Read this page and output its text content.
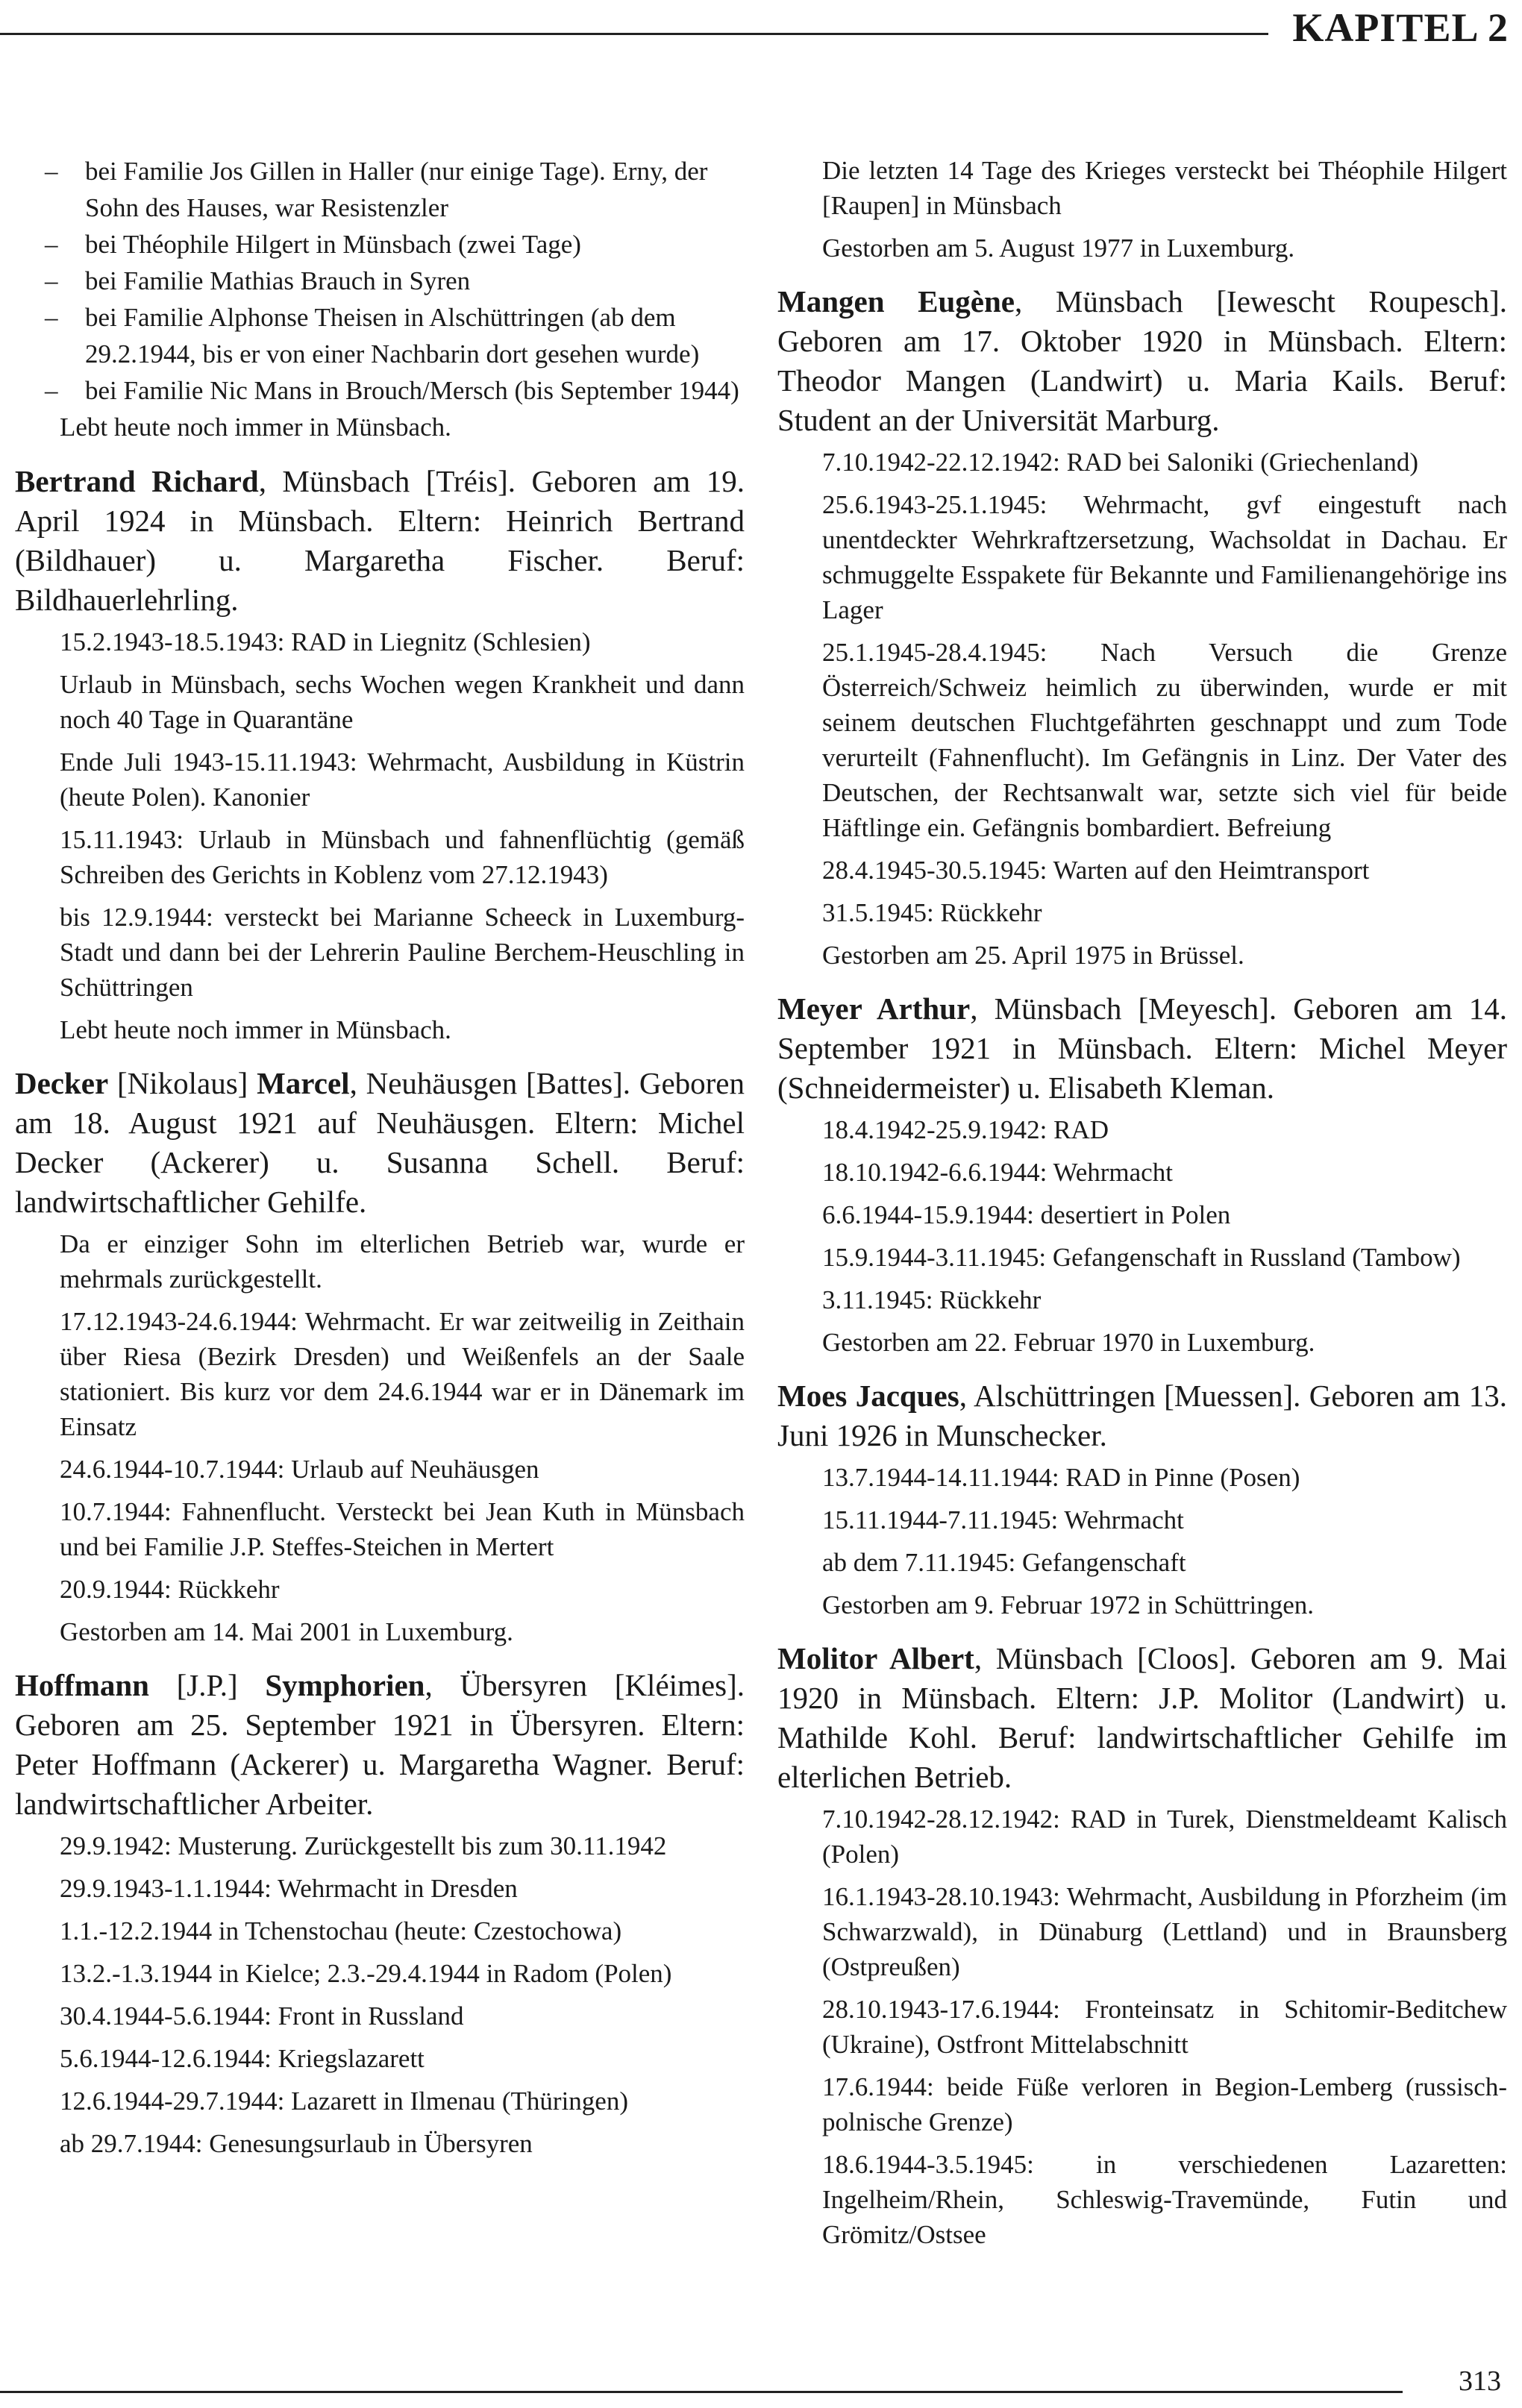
KAPITEL 2
– bei Familie Jos Gillen in Haller (nur einige Tage). Erny, der Sohn des Hauses, war Resistenzler
– bei Théophile Hilgert in Münsbach (zwei Tage)
– bei Familie Mathias Brauch in Syren
– bei Familie Alphonse Theisen in Alschüttringen (ab dem 29.2.1944, bis er von einer Nachbarin dort gesehen wurde)
– bei Familie Nic Mans in Brouch/Mersch (bis September 1944)
Lebt heute noch immer in Münsbach.
Bertrand Richard, Münsbach [Tréis]. Geboren am 19. April 1924 in Münsbach. Eltern: Heinrich Bertrand (Bildhauer) u. Margaretha Fischer. Beruf: Bildhauerlehrling.
15.2.1943-18.5.1943: RAD in Liegnitz (Schlesien)
Urlaub in Münsbach, sechs Wochen wegen Krankheit und dann noch 40 Tage in Quarantäne
Ende Juli 1943-15.11.1943: Wehrmacht, Ausbildung in Küstrin (heute Polen). Kanonier
15.11.1943: Urlaub in Münsbach und fahnenflüchtig (gemäß Schreiben des Gerichts in Koblenz vom 27.12.1943)
bis 12.9.1944: versteckt bei Marianne Scheeck in Luxemburg-Stadt und dann bei der Lehrerin Pauline Berchem-Heuschling in Schüttringen
Lebt heute noch immer in Münsbach.
Decker [Nikolaus] Marcel, Neuhäusgen [Battes]. Geboren am 18. August 1921 auf Neuhäusgen. Eltern: Michel Decker (Ackerer) u. Susanna Schell. Beruf: landwirtschaftlicher Gehilfe.
Da er einziger Sohn im elterlichen Betrieb war, wurde er mehrmals zurückgestellt.
17.12.1943-24.6.1944: Wehrmacht. Er war zeitweilig in Zeithain über Riesa (Bezirk Dresden) und Weißenfels an der Saale stationiert. Bis kurz vor dem 24.6.1944 war er in Dänemark im Einsatz
24.6.1944-10.7.1944: Urlaub auf Neuhäusgen
10.7.1944: Fahnenflucht. Versteckt bei Jean Kuth in Münsbach und bei Familie J.P. Steffes-Steichen in Mertert
20.9.1944: Rückkehr
Gestorben am 14. Mai 2001 in Luxemburg.
Hoffmann [J.P.] Symphorien, Übersyren [Kléimes]. Geboren am 25. September 1921 in Übersyren. Eltern: Peter Hoffmann (Ackerer) u. Margaretha Wagner. Beruf: landwirtschaftlicher Arbeiter.
29.9.1942: Musterung. Zurückgestellt bis zum 30.11.1942
29.9.1943-1.1.1944: Wehrmacht in Dresden
1.1.-12.2.1944 in Tchenstochau (heute: Czestochowa)
13.2.-1.3.1944 in Kielce; 2.3.-29.4.1944 in Radom (Polen)
30.4.1944-5.6.1944: Front in Russland
5.6.1944-12.6.1944: Kriegslazarett
12.6.1944-29.7.1944: Lazarett in Ilmenau (Thüringen)
ab 29.7.1944: Genesungsurlaub in Übersyren
Die letzten 14 Tage des Krieges versteckt bei Théophile Hilgert [Raupen] in Münsbach
Gestorben am 5. August 1977 in Luxemburg.
Mangen Eugène, Münsbach [Iewescht Roupesch]. Geboren am 17. Oktober 1920 in Münsbach. Eltern: Theodor Mangen (Landwirt) u. Maria Kails. Beruf: Student an der Universität Marburg.
7.10.1942-22.12.1942: RAD bei Saloniki (Griechenland)
25.6.1943-25.1.1945: Wehrmacht, gvf eingestuft nach unentdeckter Wehrkraftzersetzung, Wachsoldat in Dachau. Er schmuggelte Esspakete für Bekannte und Familienangehörige ins Lager
25.1.1945-28.4.1945: Nach Versuch die Grenze Österreich/Schweiz heimlich zu überwinden, wurde er mit seinem deutschen Fluchtgefährten geschnappt und zum Tode verurteilt (Fahnenflucht). Im Gefängnis in Linz. Der Vater des Deutschen, der Rechtsanwalt war, setzte sich viel für beide Häftlinge ein. Gefängnis bombardiert. Befreiung
28.4.1945-30.5.1945: Warten auf den Heimtransport
31.5.1945: Rückkehr
Gestorben am 25. April 1975 in Brüssel.
Meyer Arthur, Münsbach [Meyesch]. Geboren am 14. September 1921 in Münsbach. Eltern: Michel Meyer (Schneidermeister) u. Elisabeth Kleman.
18.4.1942-25.9.1942: RAD
18.10.1942-6.6.1944: Wehrmacht
6.6.1944-15.9.1944: desertiert in Polen
15.9.1944-3.11.1945: Gefangenschaft in Russland (Tambow)
3.11.1945: Rückkehr
Gestorben am 22. Februar 1970 in Luxemburg.
Moes Jacques, Alschüttringen [Muessen]. Geboren am 13. Juni 1926 in Munschecker.
13.7.1944-14.11.1944: RAD in Pinne (Posen)
15.11.1944-7.11.1945: Wehrmacht
ab dem 7.11.1945: Gefangenschaft
Gestorben am 9. Februar 1972 in Schüttringen.
Molitor Albert, Münsbach [Cloos]. Geboren am 9. Mai 1920 in Münsbach. Eltern: J.P. Molitor (Landwirt) u. Mathilde Kohl. Beruf: landwirtschaftlicher Gehilfe im elterlichen Betrieb.
7.10.1942-28.12.1942: RAD in Turek, Dienstmeldeamt Kalisch (Polen)
16.1.1943-28.10.1943: Wehrmacht, Ausbildung in Pforzheim (im Schwarzwald), in Dünaburg (Lettland) und in Braunsberg (Ostpreußen)
28.10.1943-17.6.1944: Fronteinsatz in Schitomir-Beditchew (Ukraine), Ostfront Mittelabschnitt
17.6.1944: beide Füße verloren in Begion-Lemberg (russisch-polnische Grenze)
18.6.1944-3.5.1945: in verschiedenen Lazaretten: Ingelheim/Rhein, Schleswig-Travemünde, Futin und Grömitz/Ostsee
313
